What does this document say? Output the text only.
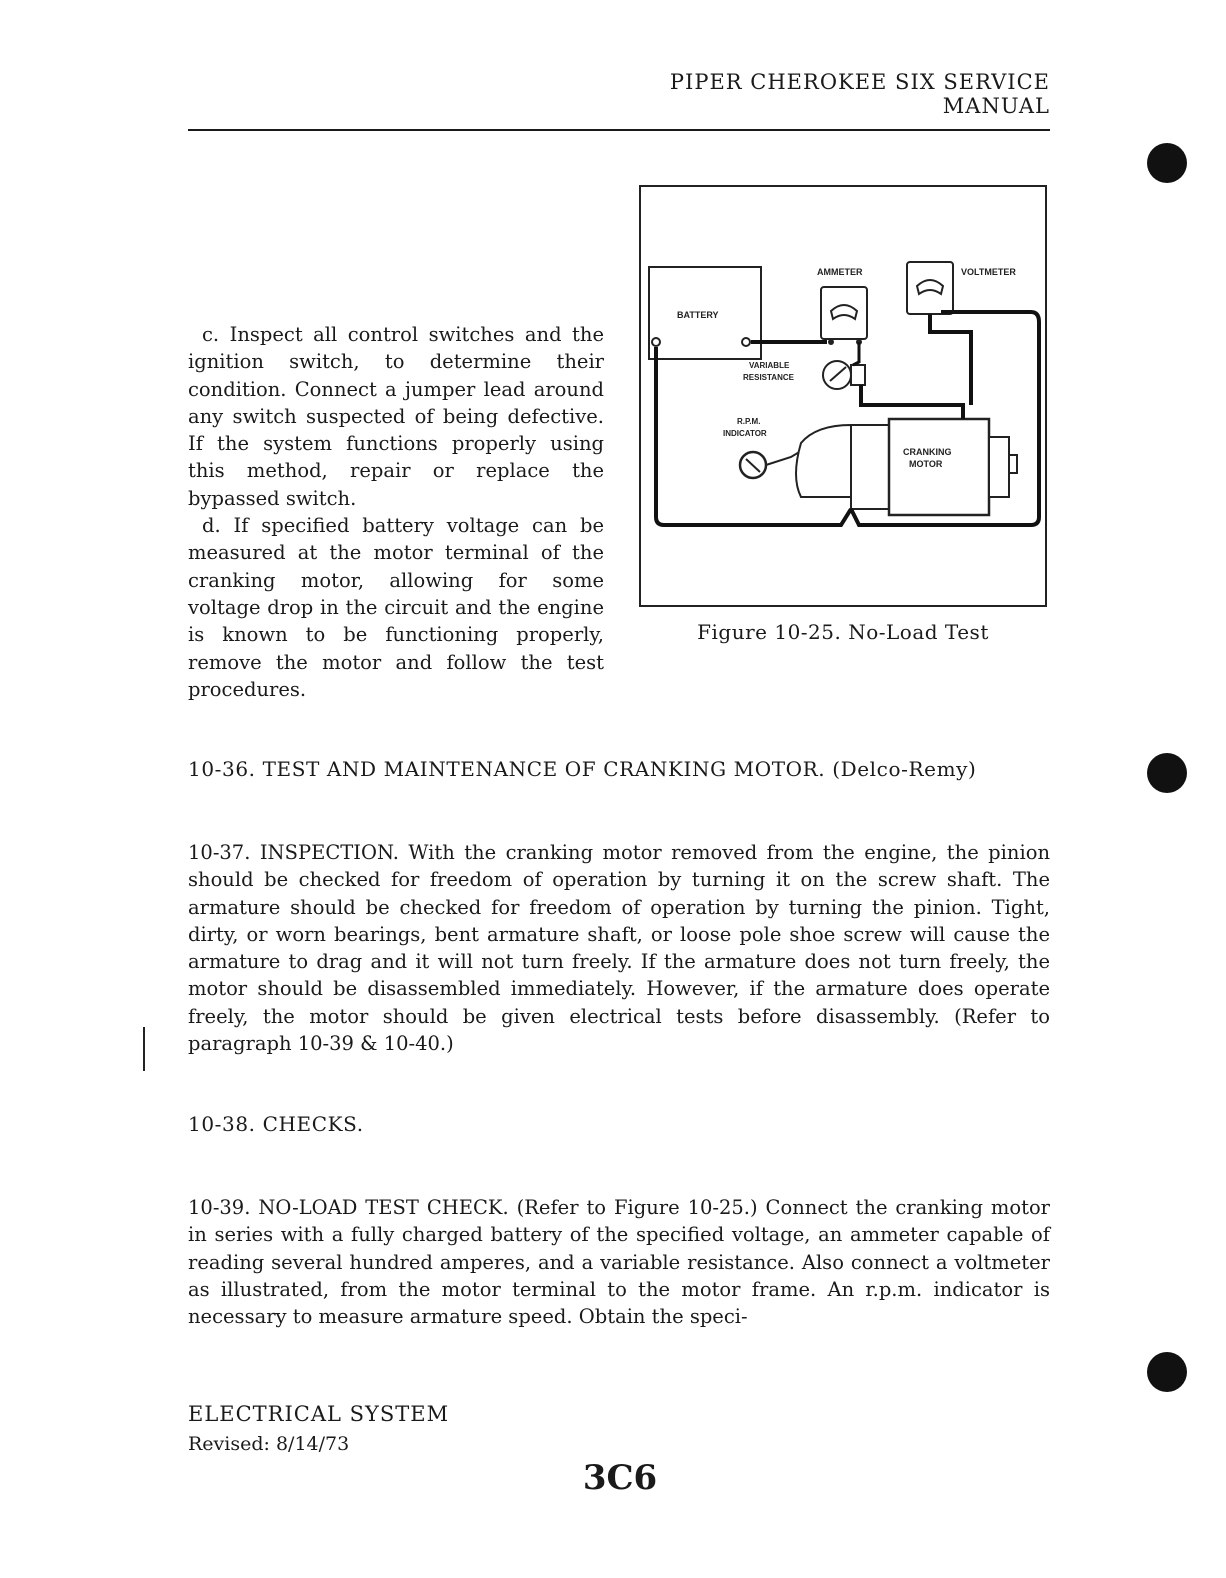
PIPER CHEROKEE SIX SERVICE MANUAL

c. Inspect all control switches and the ignition switch, to determine their condition. Connect a jumper lead around any switch suspected of being defective. If the system functions properly using this method, repair or replace the bypassed switch.

d. If specified battery voltage can be measured at the motor terminal of the cranking motor, allowing for some voltage drop in the circuit and the engine is known to be functioning properly, remove the motor and follow the test procedures.

BATTERY
AMMETER	VOLTMETER
VARIABLE
RESISTANCE
R.P.M.
INDICATOR
CRANKING
MOTOR
Figure 10-25. No-Load Test
10-36. TEST AND MAINTENANCE OF CRANKING MOTOR. (Delco-Remy)
10-37. INSPECTION. With the cranking motor removed from the engine, the pinion should be checked for freedom of operation by turning it on the screw shaft. The armature should be checked for freedom of operation by turning the pinion. Tight, dirty, or worn bearings, bent armature shaft, or loose pole shoe screw will cause the armature to drag and it will not turn freely. If the armature does not turn freely, the motor should be disassembled immediately. However, if the armature does operate freely, the motor should be given electrical tests before disassembly. (Refer to paragraph 10-39 & 10-40.)
10-38. CHECKS.
10-39. NO-LOAD TEST CHECK. (Refer to Figure 10-25.) Connect the cranking motor in series with a fully charged battery of the specified voltage, an ammeter capable of reading several hundred amperes, and a variable resistance. Also connect a voltmeter as illustrated, from the motor terminal to the motor frame. An r.p.m. indicator is necessary to measure armature speed. Obtain the speci-
ELECTRICAL SYSTEM
Revised: 8/14/73
3C6
